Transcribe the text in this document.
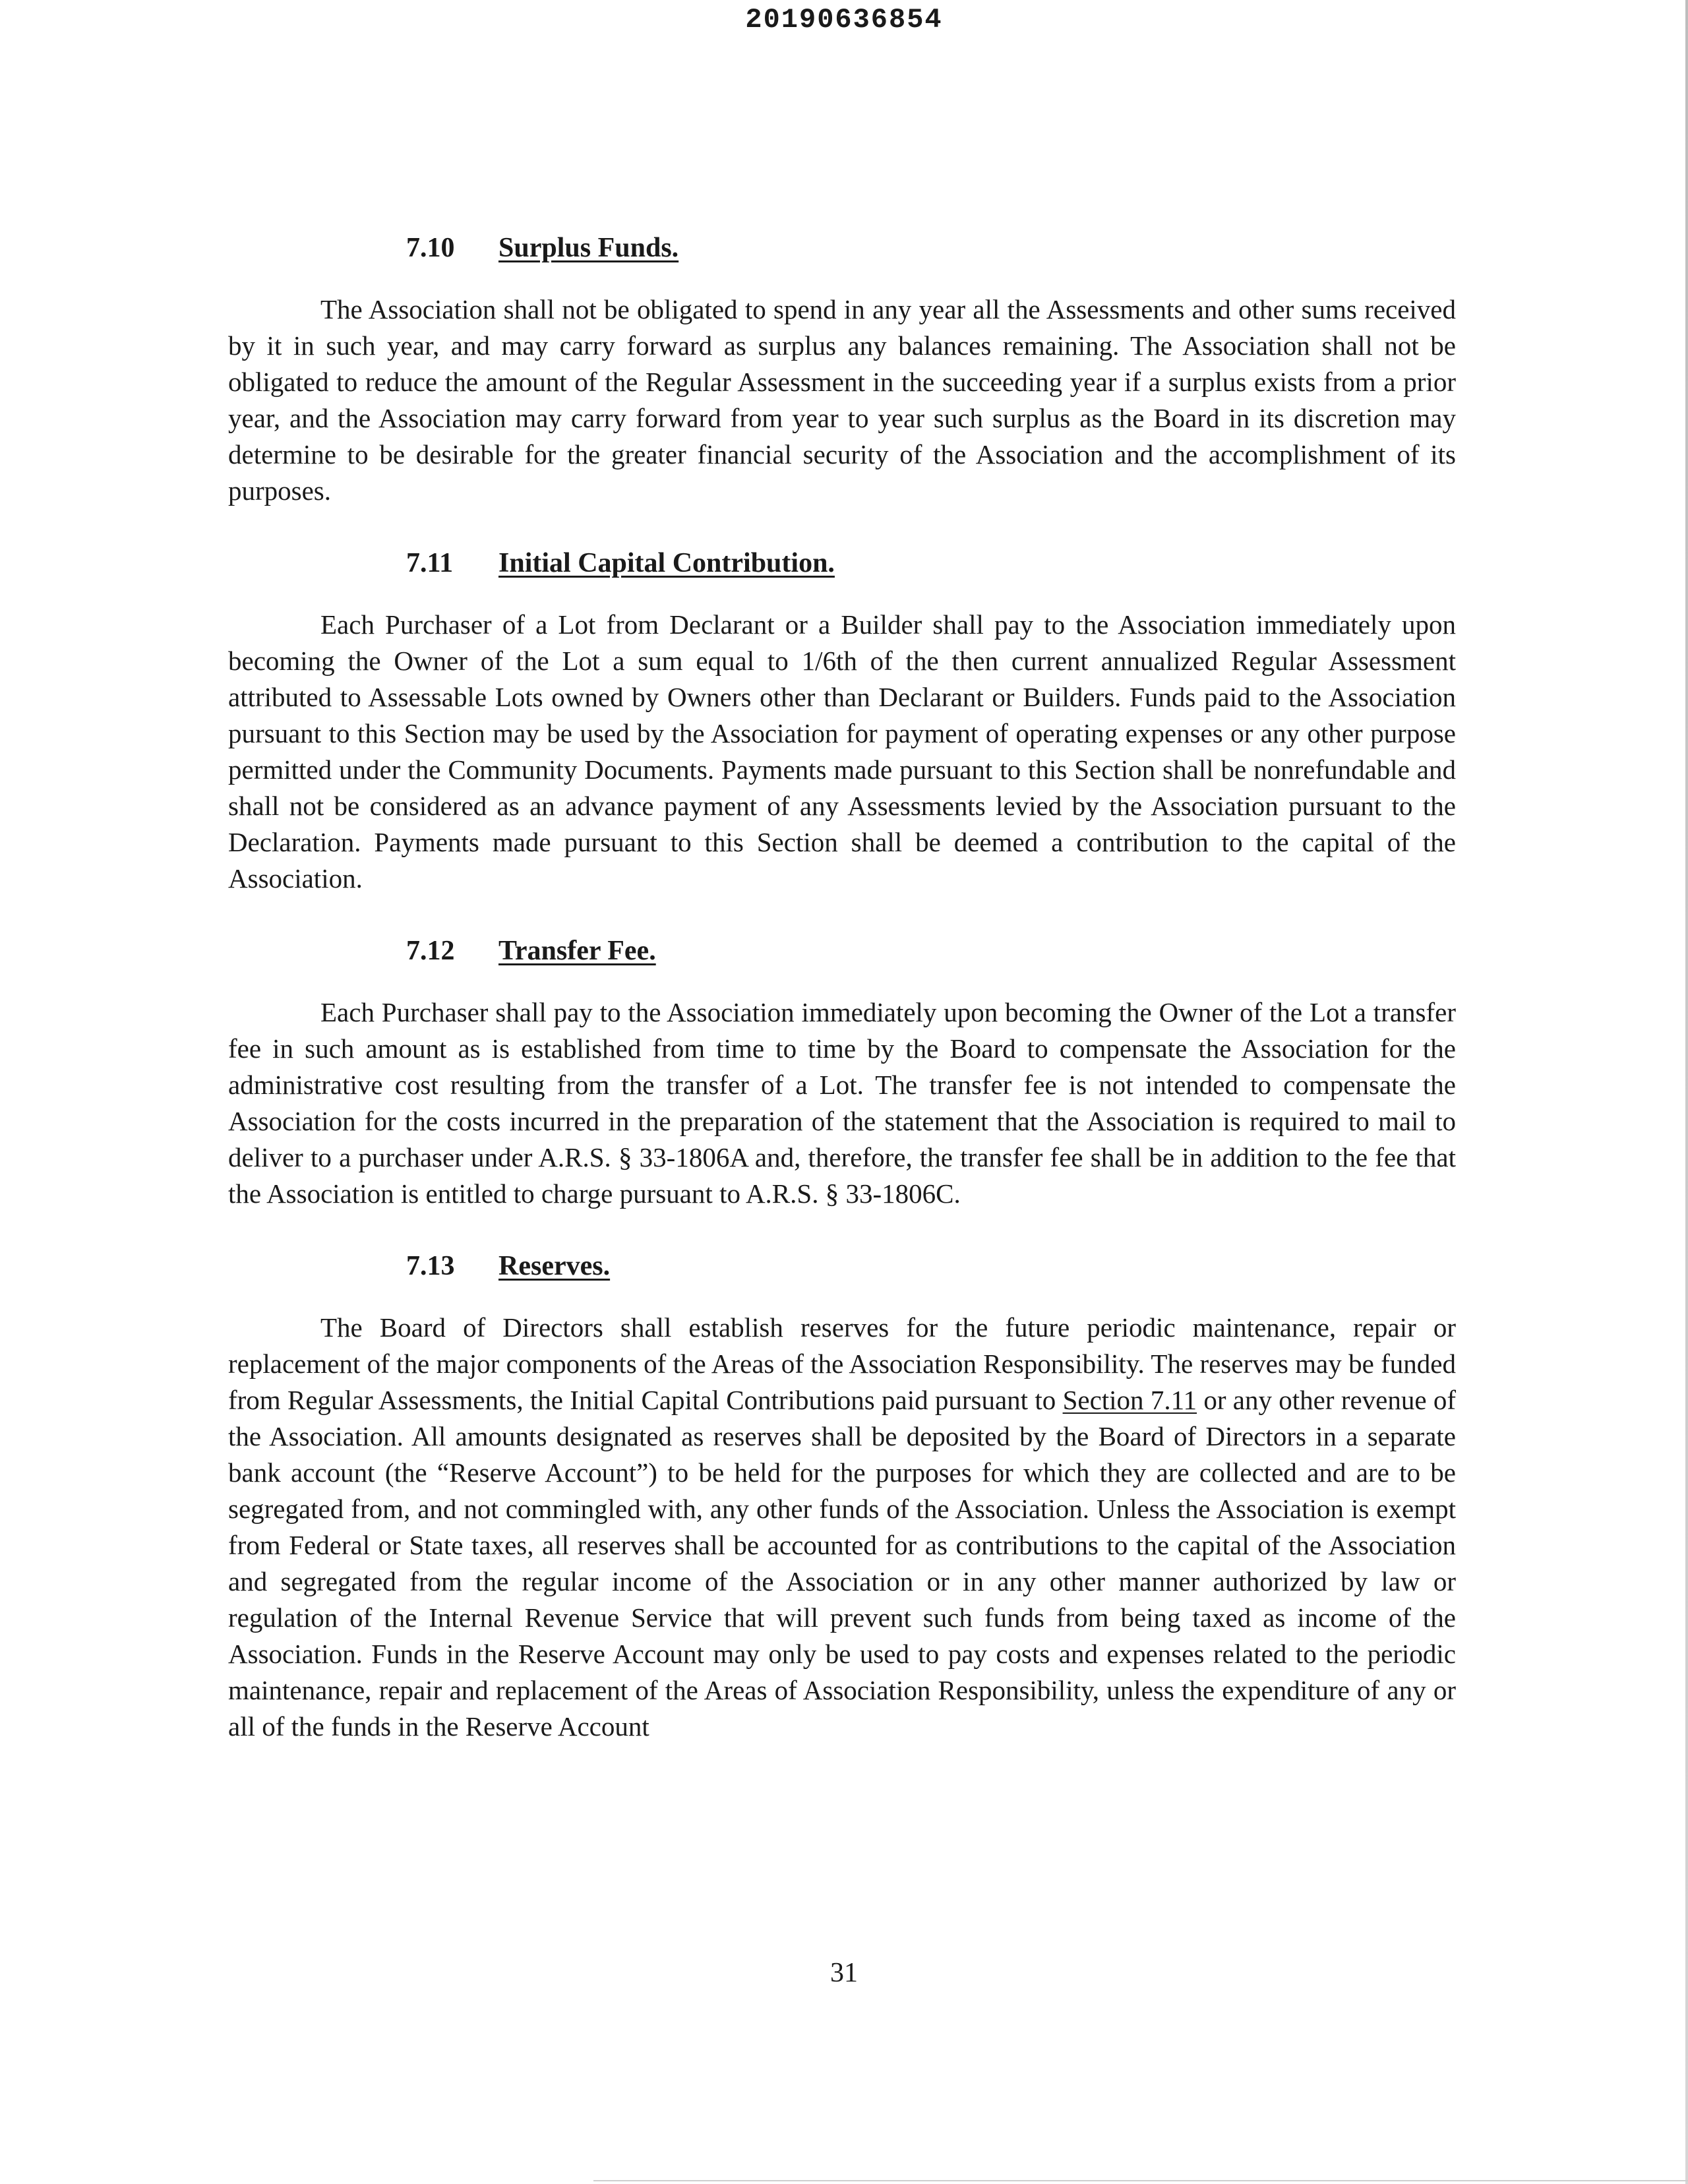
20190636854
7.10 Surplus Funds.

The Association shall not be obligated to spend in any year all the Assessments and other sums received by it in such year, and may carry forward as surplus any balances remaining. The Association shall not be obligated to reduce the amount of the Regular Assessment in the succeeding year if a surplus exists from a prior year, and the Association may carry forward from year to year such surplus as the Board in its discretion may determine to be desirable for the greater financial security of the Association and the accomplishment of its purposes.

7.11 Initial Capital Contribution.

Each Purchaser of a Lot from Declarant or a Builder shall pay to the Association immediately upon becoming the Owner of the Lot a sum equal to 1/6th of the then current annualized Regular Assessment attributed to Assessable Lots owned by Owners other than Declarant or Builders. Funds paid to the Association pursuant to this Section may be used by the Association for payment of operating expenses or any other purpose permitted under the Community Documents. Payments made pursuant to this Section shall be nonrefundable and shall not be considered as an advance payment of any Assessments levied by the Association pursuant to the Declaration. Payments made pursuant to this Section shall be deemed a contribution to the capital of the Association.

7.12 Transfer Fee.

Each Purchaser shall pay to the Association immediately upon becoming the Owner of the Lot a transfer fee in such amount as is established from time to time by the Board to compensate the Association for the administrative cost resulting from the transfer of a Lot. The transfer fee is not intended to compensate the Association for the costs incurred in the preparation of the statement that the Association is required to mail to deliver to a purchaser under A.R.S. § 33-1806A and, therefore, the transfer fee shall be in addition to the fee that the Association is entitled to charge pursuant to A.R.S. § 33-1806C.

7.13 Reserves.

The Board of Directors shall establish reserves for the future periodic maintenance, repair or replacement of the major components of the Areas of the Association Responsibility. The reserves may be funded from Regular Assessments, the Initial Capital Contributions paid pursuant to Section 7.11 or any other revenue of the Association. All amounts designated as reserves shall be deposited by the Board of Directors in a separate bank account (the “Reserve Account”) to be held for the purposes for which they are collected and are to be segregated from, and not commingled with, any other funds of the Association. Unless the Association is exempt from Federal or State taxes, all reserves shall be accounted for as contributions to the capital of the Association and segregated from the regular income of the Association or in any other manner authorized by law or regulation of the Internal Revenue Service that will prevent such funds from being taxed as income of the Association. Funds in the Reserve Account may only be used to pay costs and expenses related to the periodic maintenance, repair and replacement of the Areas of Association Responsibility, unless the expenditure of any or all of the funds in the Reserve Account

31
